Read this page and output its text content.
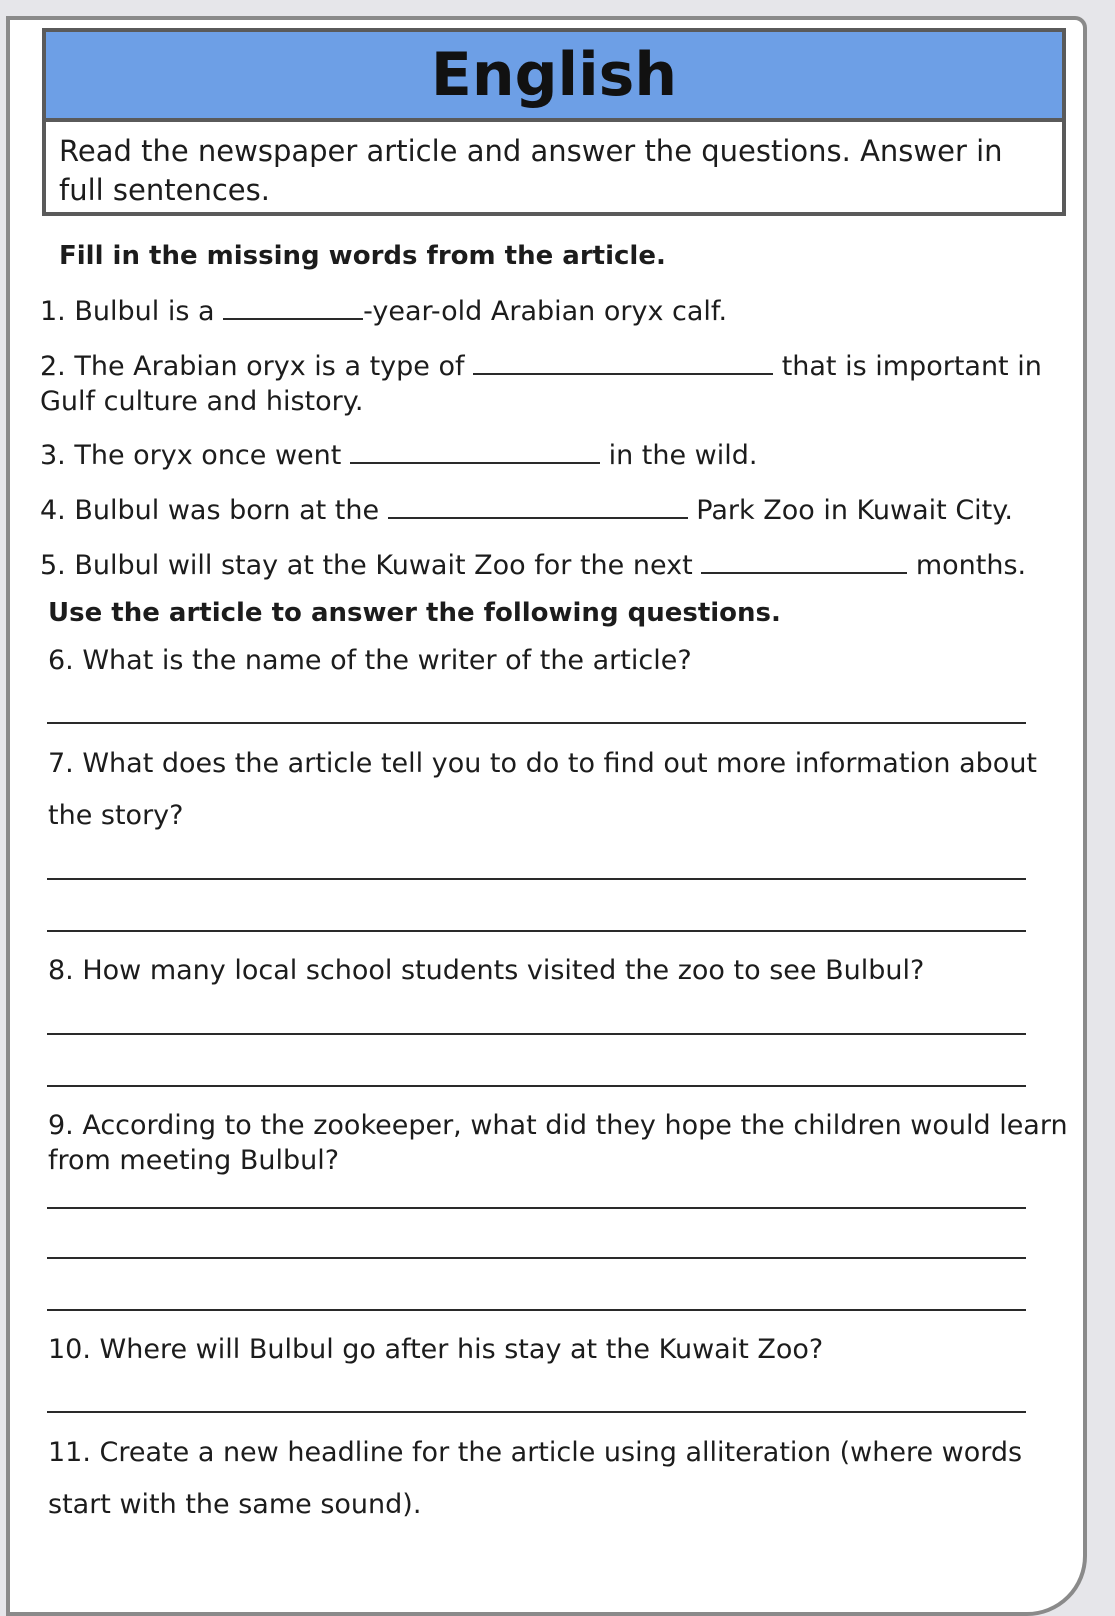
English
Read the newspaper article and answer the questions. Answer in full sentences.
Fill in the missing words from the article.
1. Bulbul is a	-year-old Arabian oryx calf.
2. The Arabian oryx is a type of	that is important in
Gulf culture and history.
3. The oryx once went	in the wild.
4. Bulbul was born at the	Park Zoo in Kuwait City.
5. Bulbul will stay at the Kuwait Zoo for the next	months.
Use the article to answer the following questions.
6. What is the name of the writer of the article?
7. What does the article tell you to do to find out more information about
the story?
8. How many local school students visited the zoo to see Bulbul?
9. According to the zookeeper, what did they hope the children would learn
from meeting Bulbul?
10. Where will Bulbul go after his stay at the Kuwait Zoo?
11. Create a new headline for the article using alliteration (where words
start with the same sound).
